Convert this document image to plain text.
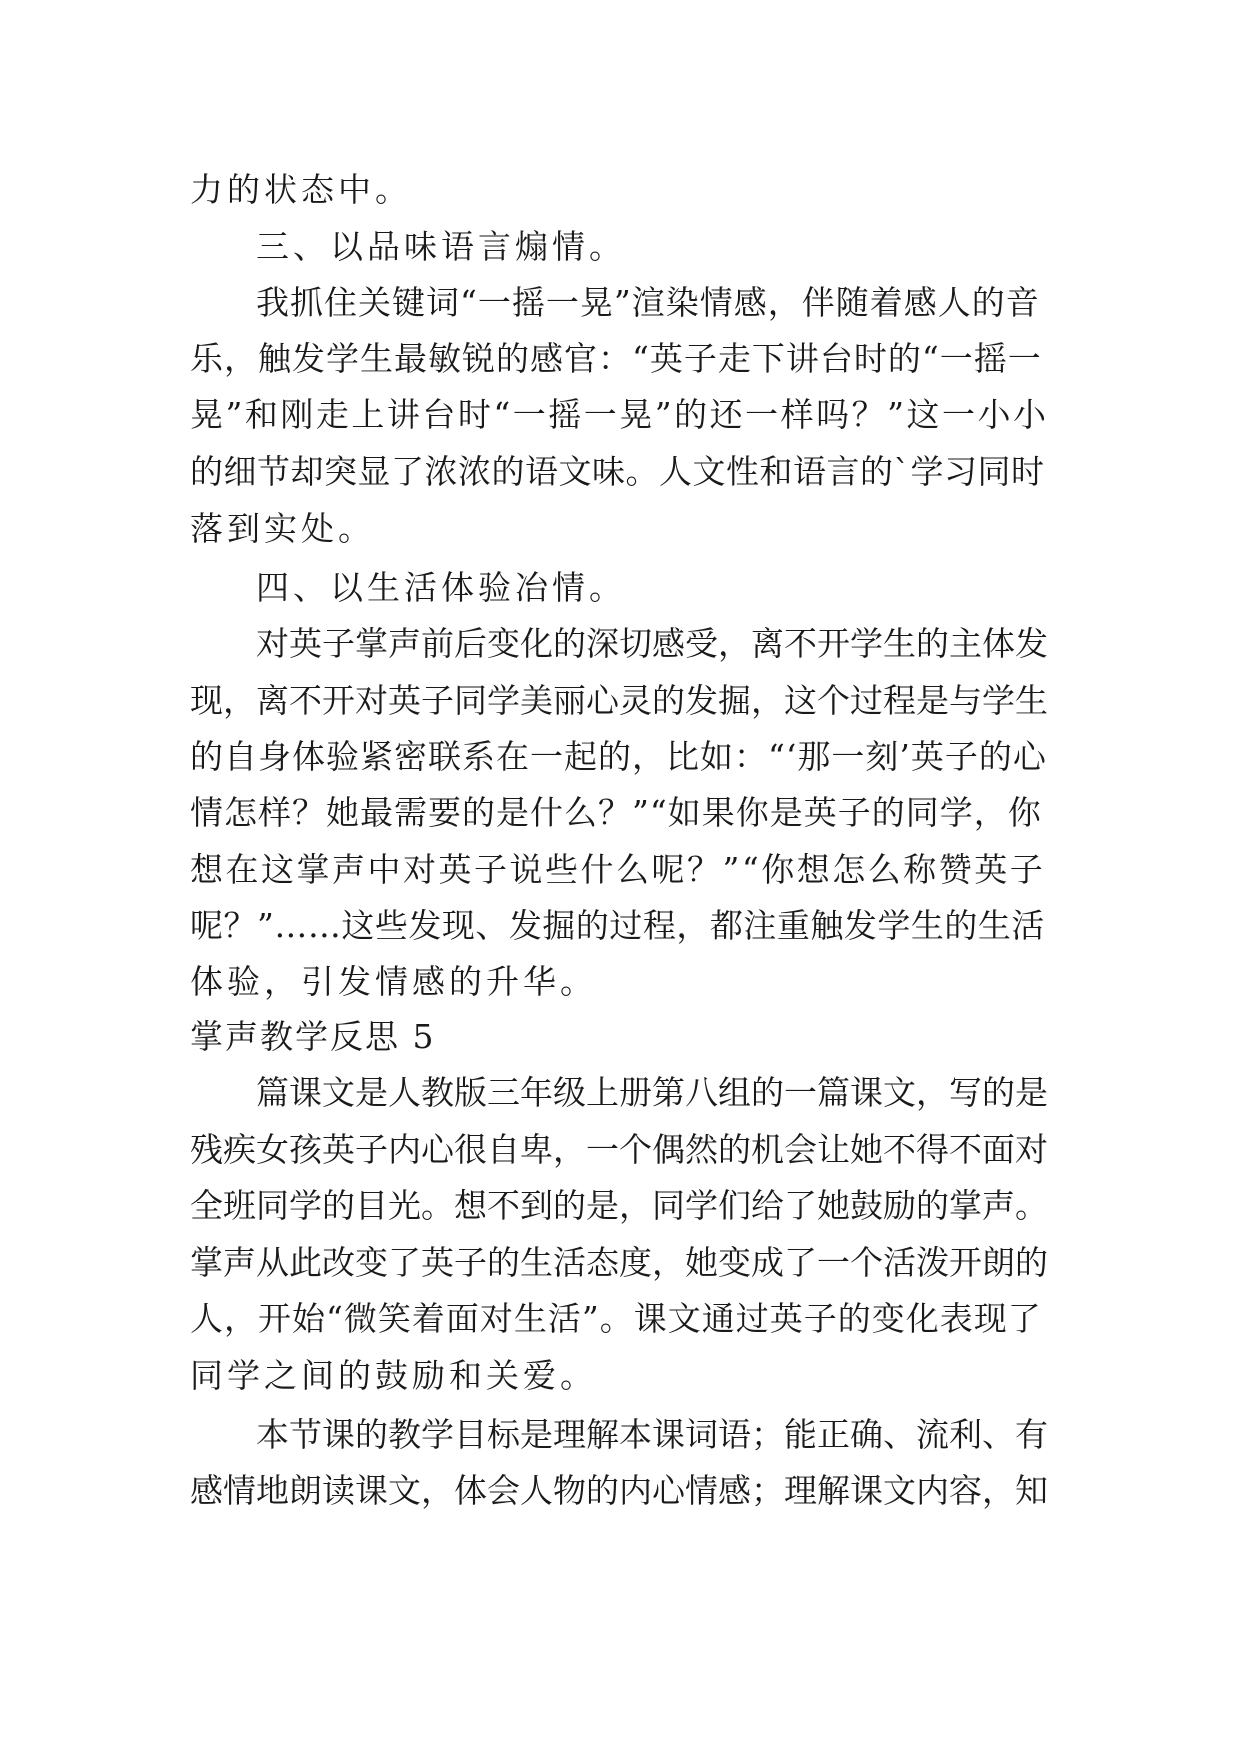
力的状态中。

三、以品味语言煽情。

我抓住关键词“一摇一晃”渲染情感，伴随着感人的音

乐，触发学生最敏锐的感官：“英子走下讲台时的“一摇一

晃”和刚走上讲台时“一摇一晃”的还一样吗？”这一小小

的细节却突显了浓浓的语文味。人文性和语言的`学习同时

落到实处。

四、以生活体验冶情。

对英子掌声前后变化的深切感受，离不开学生的主体发

现，离不开对英子同学美丽心灵的发掘，这个过程是与学生

的自身体验紧密联系在一起的，比如：“‘那一刻’英子的心

情怎样？她最需要的是什么？”“如果你是英子的同学，你

想在这掌声中对英子说些什么呢？”“你想怎么称赞英子

呢？”……这些发现、发掘的过程，都注重触发学生的生活

体验，引发情感的升华。

掌声教学反思 5

篇课文是人教版三年级上册第八组的一篇课文，写的是

残疾女孩英子内心很自卑，一个偶然的机会让她不得不面对

全班同学的目光。想不到的是，同学们给了她鼓励的掌声。

掌声从此改变了英子的生活态度，她变成了一个活泼开朗的

人，开始“微笑着面对生活”。课文通过英子的变化表现了

同学之间的鼓励和关爱。

本节课的教学目标是理解本课词语；能正确、流利、有

感情地朗读课文，体会人物的内心情感；理解课文内容，知
